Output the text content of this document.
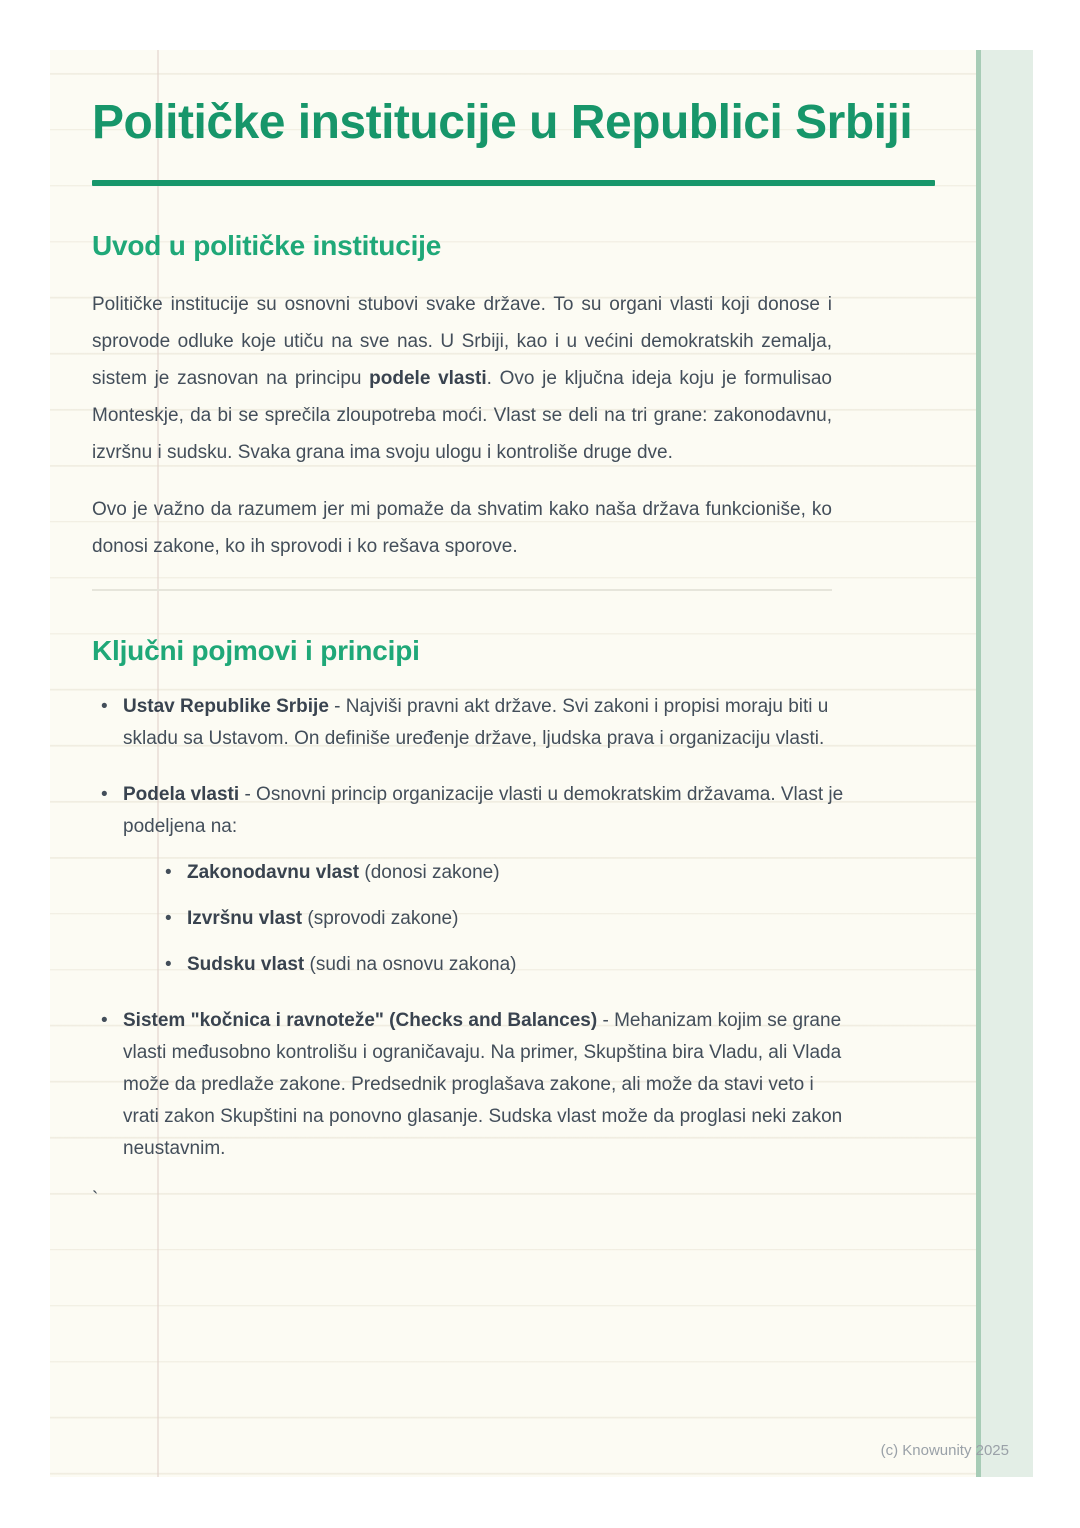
Političke institucije u Republici Srbiji
Uvod u političke institucije

Političke institucije su osnovni stubovi svake države. To su organi vlasti koji donose i sprovode odluke koje utiču na sve nas. U Srbiji, kao i u većini demokratskih zemalja, sistem je zasnovan na principu podele vlasti. Ovo je ključna ideja koju je formulisao Monteskje, da bi se sprečila zloupotreba moći. Vlast se deli na tri grane: zakonodavnu, izvršnu i sudsku. Svaka grana ima svoju ulogu i kontroliše druge dve.

Ovo je važno da razumem jer mi pomaže da shvatim kako naša država funkcioniše, ko donosi zakone, ko ih sprovodi i ko rešava sporove.

Ključni pojmovi i principi
• Ustav Republike Srbije - Najviši pravni akt države. Svi zakoni i propisi moraju biti u skladu sa Ustavom. On definiše uređenje države, ljudska prava i organizaciju vlasti.
• Podela vlasti - Osnovni princip organizacije vlasti u demokratskim državama. Vlast je podeljena na:
• Zakonodavnu vlast (donosi zakone)
• Izvršnu vlast (sprovodi zakone)
• Sudsku vlast (sudi na osnovu zakona)
• Sistem "kočnica i ravnoteže" (Checks and Balances) - Mehanizam kojim se grane vlasti međusobno kontrolišu i ograničavaju. Na primer, Skupština bira Vladu, ali Vlada može da predlaže zakone. Predsednik proglašava zakone, ali može da stavi veto i vrati zakon Skupštini na ponovno glasanje. Sudska vlast može da proglasi neki zakon neustavnim.
`
(c) Knowunity 2025
